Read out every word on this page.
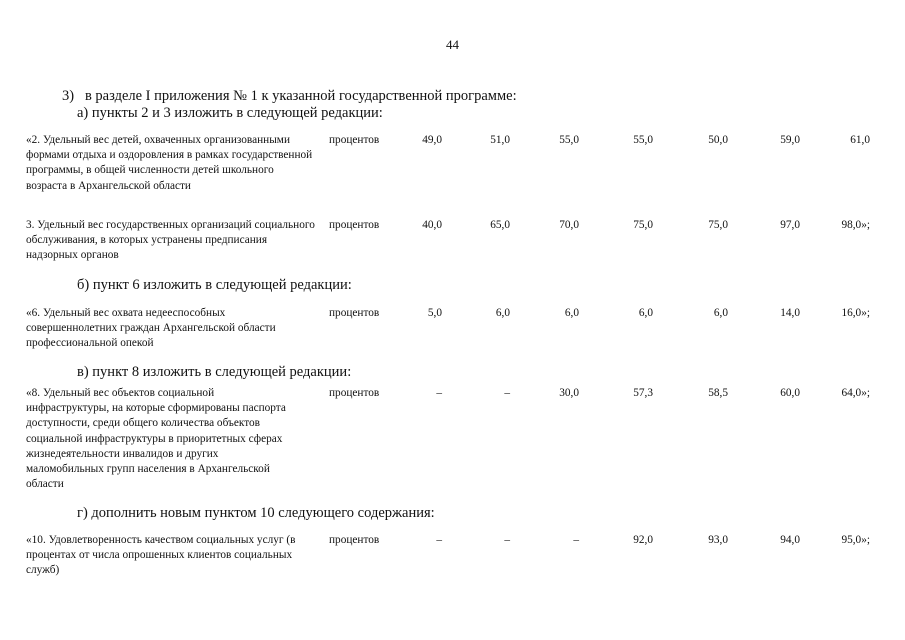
44
3)   в разделе I приложения № 1 к указанной государственной программе:
а) пункты 2 и 3 изложить в следующей редакции:
«2. Удельный вес детей, охваченных организованными формами отдыха и оздоровления в рамках государственной программы, в общей численности детей школьного возраста в Архангельской области
процентов	49,0	51,0	55,0	55,0	50,0	59,0	61,0
3. Удельный вес государственных организаций социального обслуживания, в которых устранены предписания надзорных органов
процентов	40,0	65,0	70,0	75,0	75,0	97,0	98,0»;
б) пункт 6 изложить в следующей редакции:
«6. Удельный вес охвата недееспособных совершеннолетних граждан Архангельской области профессиональной опекой
процентов	5,0	6,0	6,0	6,0	6,0	14,0	16,0»;
в) пункт 8 изложить в следующей редакции:
«8. Удельный вес объектов социальной инфраструктуры, на которые сформированы паспорта доступности, среди общего количества объектов социальной инфраструктуры в приоритетных сферах жизнедеятельности инвалидов и других маломобильных групп населения в Архангельской области
процентов	–	–	30,0	57,3	58,5	60,0	64,0»;
г) дополнить новым пунктом 10 следующего содержания:
«10. Удовлетворенность качеством социальных услуг (в процентах от числа опрошенных клиентов социальных служб)
процентов	–	–	–	92,0	93,0	94,0	95,0»;
